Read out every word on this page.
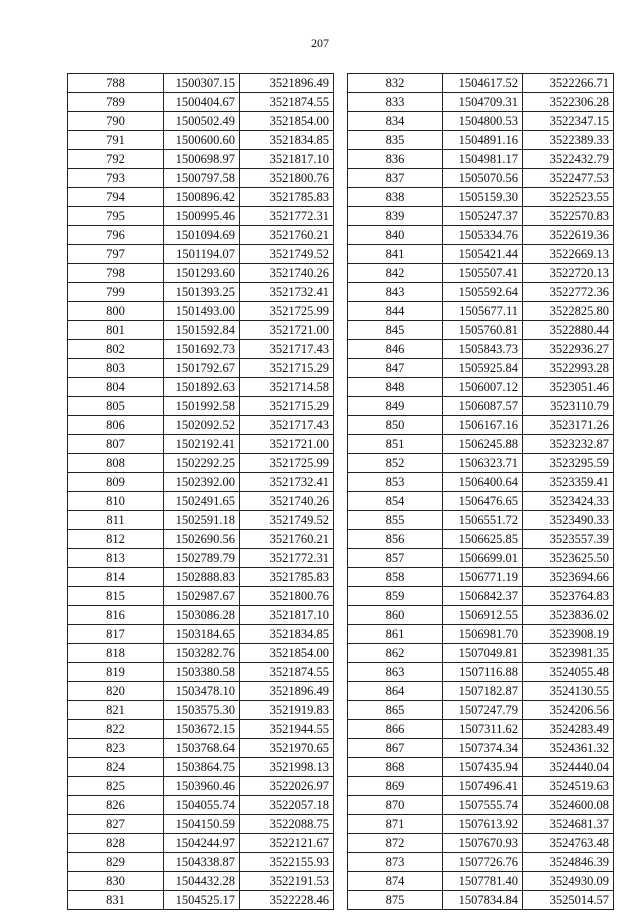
207
788	1500307.15	3521896.49
789	1500404.67	3521874.55
790	1500502.49	3521854.00
791	1500600.60	3521834.85
792	1500698.97	3521817.10
793	1500797.58	3521800.76
794	1500896.42	3521785.83
795	1500995.46	3521772.31
796	1501094.69	3521760.21
797	1501194.07	3521749.52
798	1501293.60	3521740.26
799	1501393.25	3521732.41
800	1501493.00	3521725.99
801	1501592.84	3521721.00
802	1501692.73	3521717.43
803	1501792.67	3521715.29
804	1501892.63	3521714.58
805	1501992.58	3521715.29
806	1502092.52	3521717.43
807	1502192.41	3521721.00
808	1502292.25	3521725.99
809	1502392.00	3521732.41
810	1502491.65	3521740.26
811	1502591.18	3521749.52
812	1502690.56	3521760.21
813	1502789.79	3521772.31
814	1502888.83	3521785.83
815	1502987.67	3521800.76
816	1503086.28	3521817.10
817	1503184.65	3521834.85
818	1503282.76	3521854.00
819	1503380.58	3521874.55
820	1503478.10	3521896.49
821	1503575.30	3521919.83
822	1503672.15	3521944.55
823	1503768.64	3521970.65
824	1503864.75	3521998.13
825	1503960.46	3522026.97
826	1504055.74	3522057.18
827	1504150.59	3522088.75
828	1504244.97	3522121.67
829	1504338.87	3522155.93
830	1504432.28	3522191.53
831	1504525.17	3522228.46
832	1504617.52	3522266.71
833	1504709.31	3522306.28
834	1504800.53	3522347.15
835	1504891.16	3522389.33
836	1504981.17	3522432.79
837	1505070.56	3522477.53
838	1505159.30	3522523.55
839	1505247.37	3522570.83
840	1505334.76	3522619.36
841	1505421.44	3522669.13
842	1505507.41	3522720.13
843	1505592.64	3522772.36
844	1505677.11	3522825.80
845	1505760.81	3522880.44
846	1505843.73	3522936.27
847	1505925.84	3522993.28
848	1506007.12	3523051.46
849	1506087.57	3523110.79
850	1506167.16	3523171.26
851	1506245.88	3523232.87
852	1506323.71	3523295.59
853	1506400.64	3523359.41
854	1506476.65	3523424.33
855	1506551.72	3523490.33
856	1506625.85	3523557.39
857	1506699.01	3523625.50
858	1506771.19	3523694.66
859	1506842.37	3523764.83
860	1506912.55	3523836.02
861	1506981.70	3523908.19
862	1507049.81	3523981.35
863	1507116.88	3524055.48
864	1507182.87	3524130.55
865	1507247.79	3524206.56
866	1507311.62	3524283.49
867	1507374.34	3524361.32
868	1507435.94	3524440.04
869	1507496.41	3524519.63
870	1507555.74	3524600.08
871	1507613.92	3524681.37
872	1507670.93	3524763.48
873	1507726.76	3524846.39
874	1507781.40	3524930.09
875	1507834.84	3525014.57
